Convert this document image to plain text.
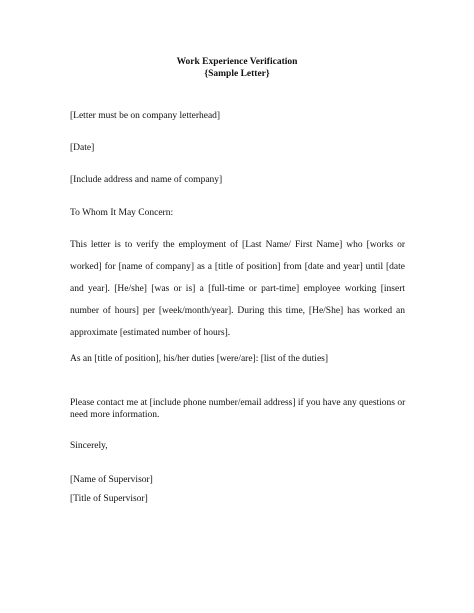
Work Experience Verification
{Sample Letter}
[Letter must be on company letterhead]
[Date]
[Include address and name of company]
To Whom It May Concern:
This letter is to verify the employment of [Last Name/ First Name] who [works or
worked] for [name of company] as a [title of position] from [date and year] until [date
and year]. [He/she] [was or is] a [full-time or part-time] employee working [insert
number of hours] per [week/month/year]. During this time, [He/She] has worked an
approximate [estimated number of hours].
As an [title of position], his/her duties [were/are]: [list of the duties]
Please contact me at [include phone number/email address] if you have any questions or
need more information.
Sincerely,
[Name of Supervisor]
[Title of Supervisor]
